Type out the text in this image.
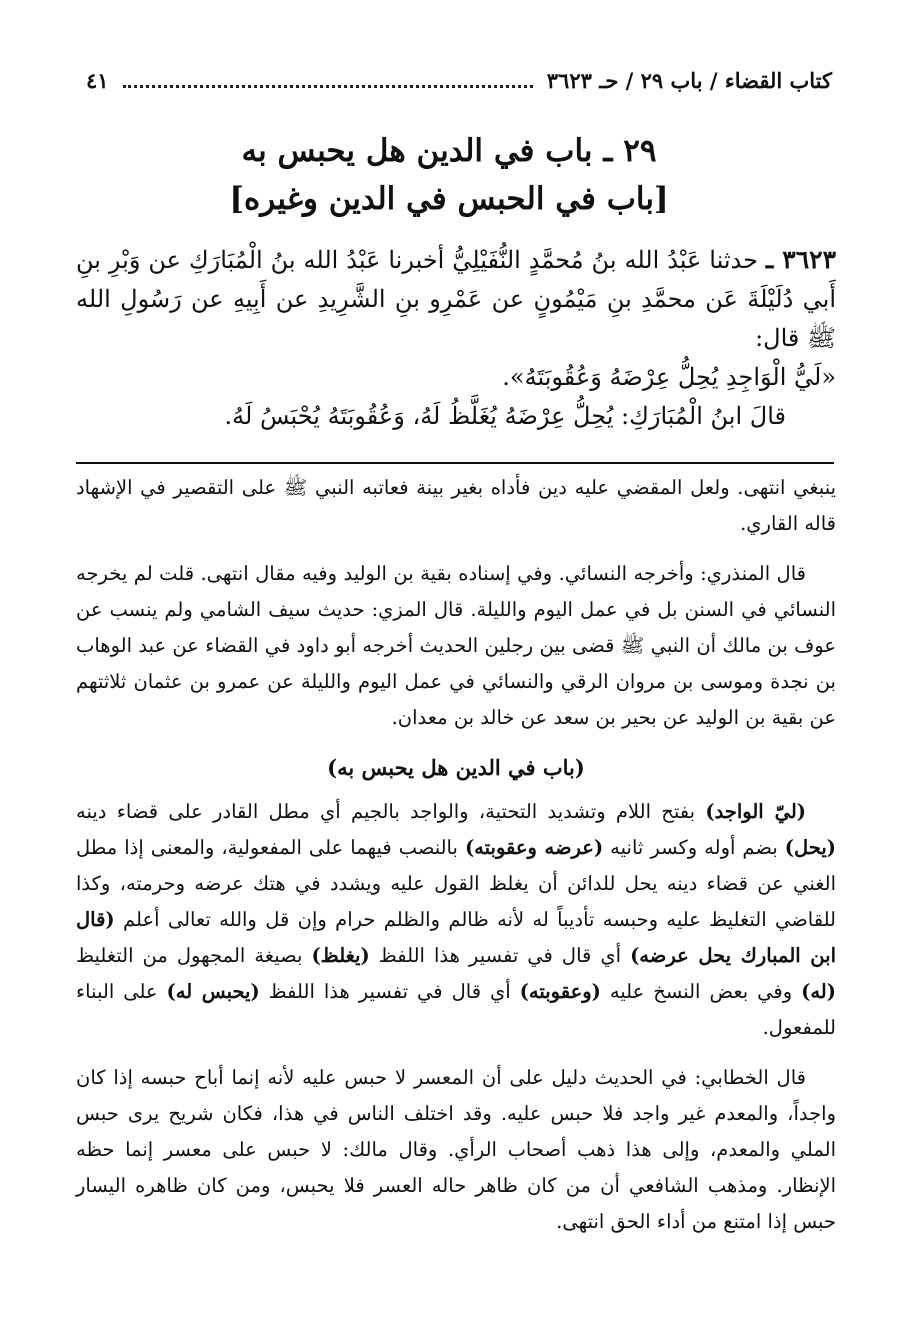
كتاب القضاء / باب ٢٩ / حـ ٣٦٢٣
٤١
٢٩ ـ باب في الدين هل يحبس به
[باب في الحبس في الدين وغيره]

٣٦٢٣ ـ حدثنا عَبْدُ الله بنُ مُحمَّدٍ النُّفَيْلِيُّ أخبرنا عَبْدُ الله بنُ الْمُبَارَكِ عن وَبْرِ بنِ أَبي دُلَيْلَةَ عَن محمَّدِ بنِ مَيْمُونٍ عن عَمْرِو بنِ الشَّرِيدِ عن أَبِيهِ عن رَسُولِ الله ﷺ قال:

«لَيُّ الْوَاجِدِ يُحِلُّ عِرْضَهُ وَعُقُوبَتَهُ».

قالَ ابنُ الْمُبَارَكِ: يُحِلُّ عِرْضَهُ يُغَلَّظُ لَهُ، وَعُقُوبَتَهُ يُحْبَسُ لَهُ.

ينبغي انتهى. ولعل المقضي عليه دين فأداه بغير بينة فعاتبه النبي ﷺ على التقصير في الإشهاد قاله القاري.

قال المنذري: وأخرجه النسائي. وفي إسناده بقية بن الوليد وفيه مقال انتهى. قلت لم يخرجه النسائي في السنن بل في عمل اليوم والليلة. قال المزي: حديث سيف الشامي ولم ينسب عن عوف بن مالك أن النبي ﷺ قضى بين رجلين الحديث أخرجه أبو داود في القضاء عن عبد الوهاب بن نجدة وموسى بن مروان الرقي والنسائي في عمل اليوم والليلة عن عمرو بن عثمان ثلاثتهم عن بقية بن الوليد عن بحير بن سعد عن خالد بن معدان.

(باب في الدين هل يحبس به)

(ليّ الواجد) بفتح اللام وتشديد التحتية، والواجد بالجيم أي مطل القادر على قضاء دينه (يحل) بضم أوله وكسر ثانيه (عرضه وعقوبته) بالنصب فيهما على المفعولية، والمعنى إذا مطل الغني عن قضاء دينه يحل للدائن أن يغلظ القول عليه ويشدد في هتك عرضه وحرمته، وكذا للقاضي التغليظ عليه وحبسه تأديباً له لأنه ظالم والظلم حرام وإن قل والله تعالى أعلم (قال ابن المبارك يحل عرضه) أي قال في تفسير هذا اللفظ (يغلظ) بصيغة المجهول من التغليظ (له) وفي بعض النسخ عليه (وعقوبته) أي قال في تفسير هذا اللفظ (يحبس له) على البناء للمفعول.

قال الخطابي: في الحديث دليل على أن المعسر لا حبس عليه لأنه إنما أباح حبسه إذا كان واجداً، والمعدم غير واجد فلا حبس عليه. وقد اختلف الناس في هذا، فكان شريح يرى حبس الملي والمعدم، وإلى هذا ذهب أصحاب الرأي. وقال مالك: لا حبس على معسر إنما حظه الإنظار. ومذهب الشافعي أن من كان ظاهر حاله العسر فلا يحبس، ومن كان ظاهره اليسار حبس إذا امتنع من أداء الحق انتهى.
